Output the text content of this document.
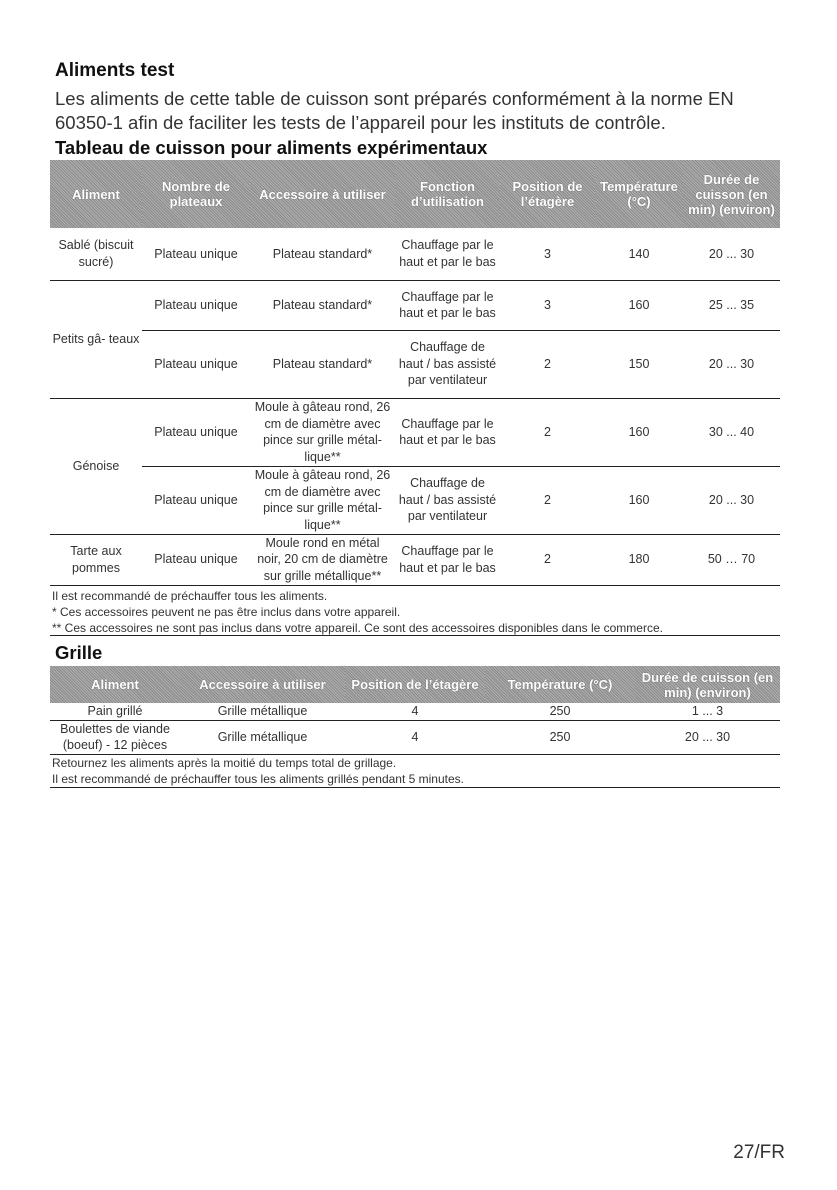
Aliments test
Les aliments de cette table de cuisson sont préparés conformément à la norme EN 60350-1 afin de faciliter les tests de l’appareil pour les instituts de contrôle.
Tableau de cuisson pour aliments expérimentaux
Aliment	Nombre de plateaux	Accessoire à utiliser	Fonction d’utilisation	Position de l’étagère	Température (°C)	Durée de cuisson (en min) (environ)
Sablé (biscuit sucré)	Plateau unique	Plateau standard*	Chauffage par le haut et par le bas	3	140	20 ... 30
Petits gâ- teaux	Plateau unique	Plateau standard*	Chauffage par le haut et par le bas	3	160	25 ... 35
	Plateau unique	Plateau standard*	Chauffage de haut / bas assisté par ventilateur	2	150	20 ... 30
Génoise	Plateau unique	Moule à gâteau rond, 26 cm de diamètre avec pince sur grille métal- lique**	Chauffage par le haut et par le bas	2	160	30 ... 40
	Plateau unique	Moule à gâteau rond, 26 cm de diamètre avec pince sur grille métal- lique**	Chauffage de haut / bas assisté par ventilateur	2	160	20 ... 30
Tarte aux pommes	Plateau unique	Moule rond en métal noir, 20 cm de diamètre sur grille métallique**	Chauffage par le haut et par le bas	2	180	50 … 70
Il est recommandé de préchauffer tous les aliments.
* Ces accessoires peuvent ne pas être inclus dans votre appareil.
** Ces accessoires ne sont pas inclus dans votre appareil. Ce sont des accessoires disponibles dans le commerce.
Grille
Aliment	Accessoire à utiliser	Position de l’étagère	Température (°C)	Durée de cuisson (en min) (environ)
Pain grillé	Grille métallique	4	250	1 ... 3
Boulettes de viande (boeuf) - 12 pièces	Grille métallique	4	250	20 ... 30
Retournez les aliments après la moitié du temps total de grillage.
Il est recommandé de préchauffer tous les aliments grillés pendant 5 minutes.
27/FR
